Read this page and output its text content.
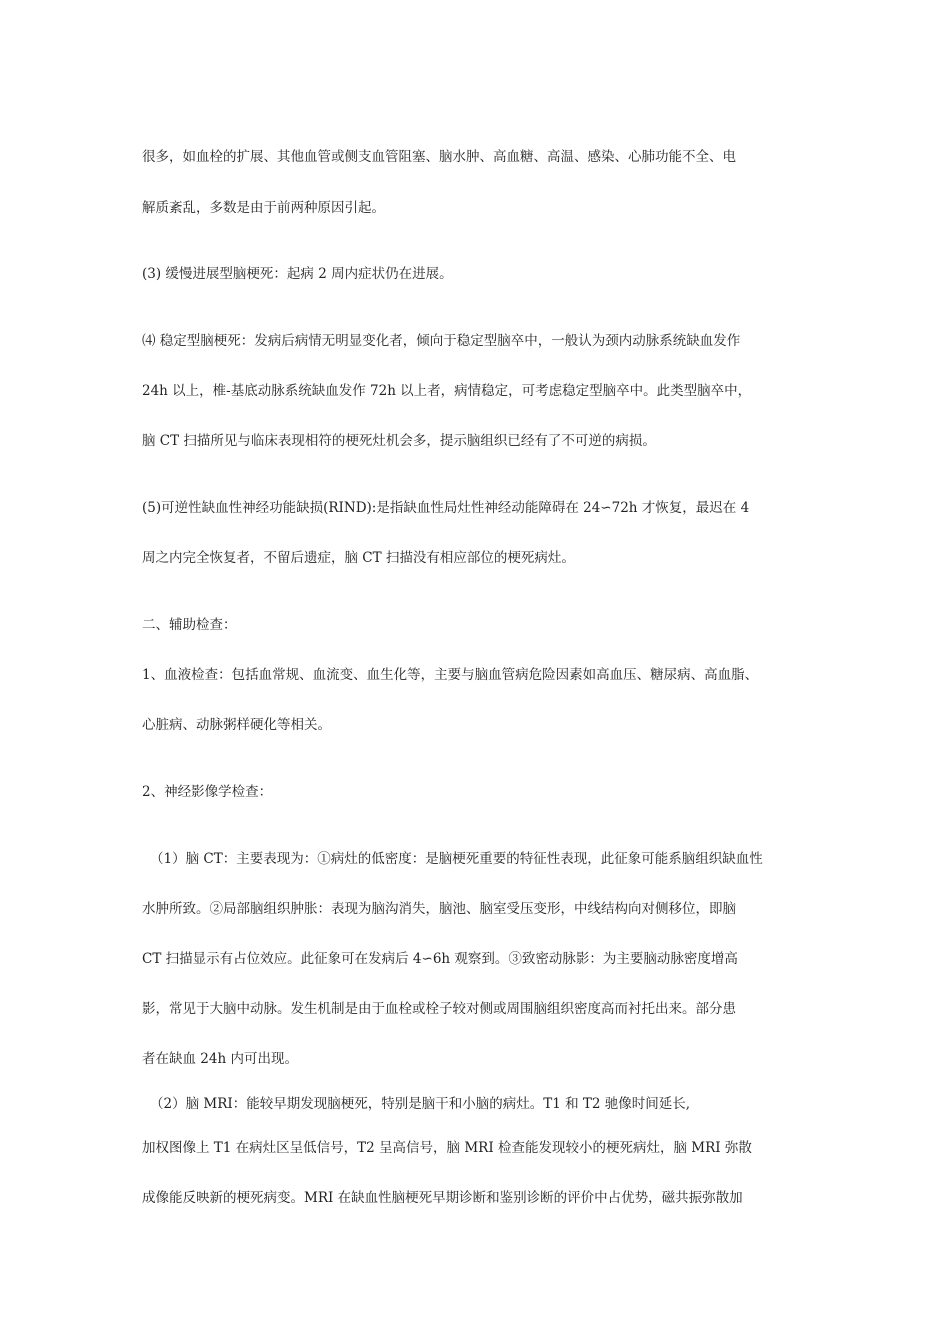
很多，如血栓的扩展、其他血管或侧支血管阻塞、脑水肿、高血糖、高温、感染、心肺功能不全、电
解质紊乱，多数是由于前两种原因引起。
(3) 缓慢进展型脑梗死：起病 2 周内症状仍在进展。
⑷ 稳定型脑梗死：发病后病情无明显变化者，倾向于稳定型脑卒中，一般认为颈内动脉系统缺血发作
24h 以上，椎-基底动脉系统缺血发作 72h 以上者，病情稳定，可考虑稳定型脑卒中。此类型脑卒中，
脑 CT 扫描所见与临床表现相符的梗死灶机会多，提示脑组织已经有了不可逆的病损。
(5)可逆性缺血性神经功能缺损(RIND):是指缺血性局灶性神经动能障碍在 24∽72h 才恢复，最迟在 4
周之内完全恢复者，不留后遗症，脑 CT 扫描没有相应部位的梗死病灶。
二、辅助检查：
1、血液检查：包括血常规、血流变、血生化等，主要与脑血管病危险因素如高血压、糖尿病、高血脂、
心脏病、动脉粥样硬化等相关。
2、神经影像学检查：
（1）脑 CT：主要表现为：①病灶的低密度：是脑梗死重要的特征性表现，此征象可能系脑组织缺血性
水肿所致。②局部脑组织肿胀：表现为脑沟消失，脑池、脑室受压变形，中线结构向对侧移位，即脑
CT 扫描显示有占位效应。此征象可在发病后 4∽6h 观察到。③致密动脉影：为主要脑动脉密度增高
影，常见于大脑中动脉。发生机制是由于血栓或栓子较对侧或周围脑组织密度高而衬托出来。部分患
者在缺血 24h 内可出现。
（2）脑 MRI：能较早期发现脑梗死，特别是脑干和小脑的病灶。T1 和 T2 驰像时间延长,
加权图像上 T1 在病灶区呈低信号，T2 呈高信号，脑 MRI 检查能发现较小的梗死病灶，脑 MRI 弥散
成像能反映新的梗死病变。MRI 在缺血性脑梗死早期诊断和鉴别诊断的评价中占优势，磁共振弥散加
